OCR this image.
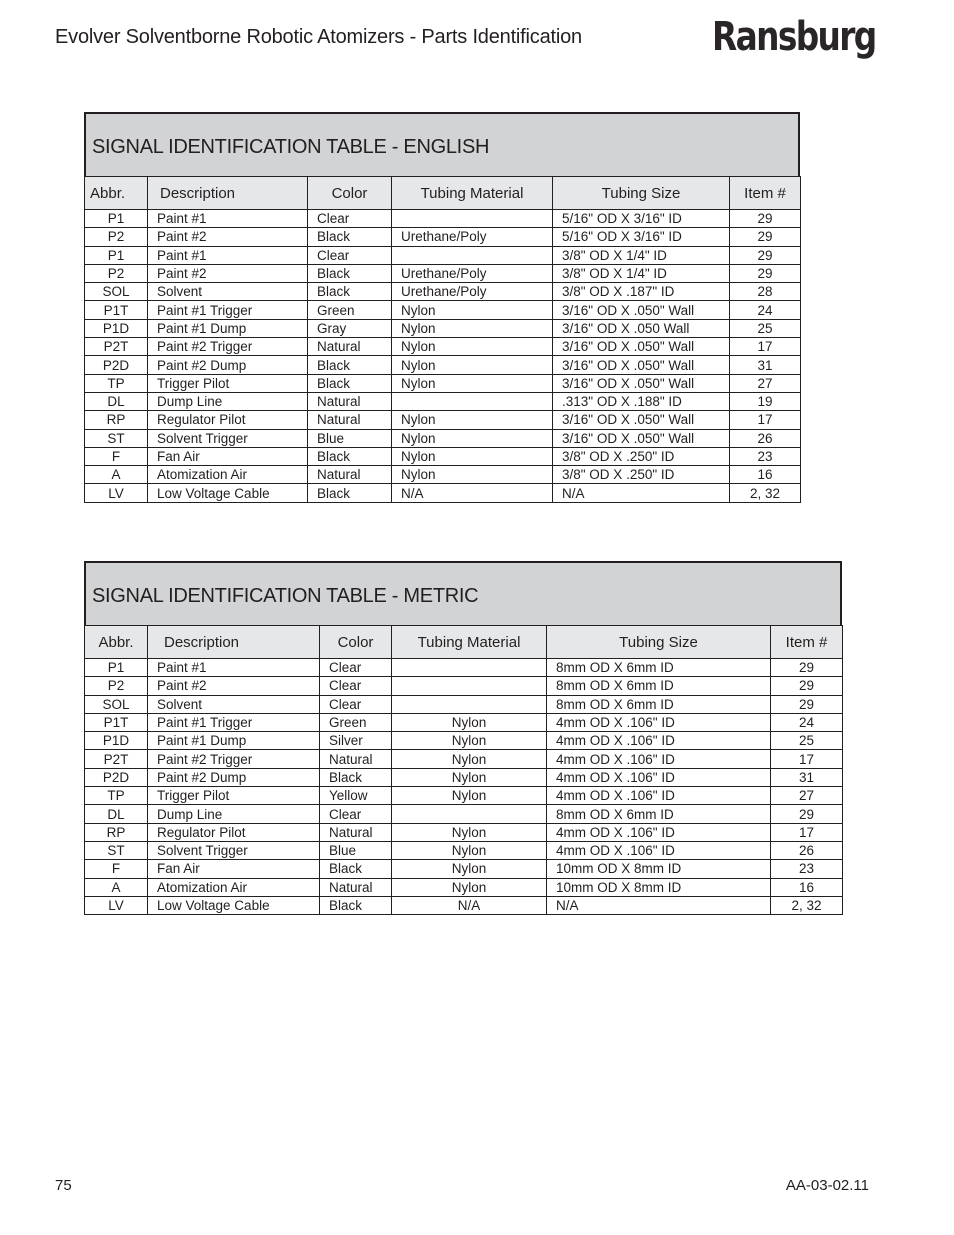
Evolver Solventborne Robotic Atomizers - Parts Identification	Ransburg
SIGNAL IDENTIFICATION TABLE - ENGLISH
Abbr.	Description	Color	Tubing Material	Tubing Size	Item #
P1	Paint #1	Clear		5/16" OD X 3/16" ID	29
P2	Paint #2	Black	Urethane/Poly	5/16" OD X 3/16" ID	29
P1	Paint #1	Clear		3/8" OD X 1/4" ID	29
P2	Paint #2	Black	Urethane/Poly	3/8" OD X 1/4" ID	29
SOL	Solvent	Black	Urethane/Poly	3/8" OD X .187" ID	28
P1T	Paint #1 Trigger	Green	Nylon	3/16" OD X .050" Wall	24
P1D	Paint #1 Dump	Gray	Nylon	3/16" OD X .050 Wall	25
P2T	Paint #2 Trigger	Natural	Nylon	3/16" OD X .050" Wall	17
P2D	Paint #2 Dump	Black	Nylon	3/16" OD X .050" Wall	31
TP	Trigger Pilot	Black	Nylon	3/16" OD X .050" Wall	27
DL	Dump Line	Natural		.313" OD X .188" ID	19
RP	Regulator Pilot	Natural	Nylon	3/16" OD X .050" Wall	17
ST	Solvent Trigger	Blue	Nylon	3/16" OD X .050" Wall	26
F	Fan Air	Black	Nylon	3/8" OD X .250" ID	23
A	Atomization Air	Natural	Nylon	3/8" OD X .250" ID	16
LV	Low Voltage Cable	Black	N/A	N/A	2, 32
SIGNAL IDENTIFICATION TABLE - METRIC
Abbr.	Description	Color	Tubing Material	Tubing Size	Item #
P1	Paint #1	Clear		8mm OD X 6mm ID	29
P2	Paint #2	Clear		8mm OD X 6mm ID	29
SOL	Solvent	Clear		8mm OD X 6mm ID	29
P1T	Paint #1 Trigger	Green	Nylon	4mm OD X .106" ID	24
P1D	Paint #1 Dump	Silver	Nylon	4mm OD X .106" ID	25
P2T	Paint #2 Trigger	Natural	Nylon	4mm OD X .106" ID	17
P2D	Paint #2 Dump	Black	Nylon	4mm OD X .106" ID	31
TP	Trigger Pilot	Yellow	Nylon	4mm OD X .106" ID	27
DL	Dump Line	Clear		8mm OD X 6mm ID	29
RP	Regulator Pilot	Natural	Nylon	4mm OD X .106" ID	17
ST	Solvent Trigger	Blue	Nylon	4mm OD X .106" ID	26
F	Fan Air	Black	Nylon	10mm OD X 8mm ID	23
A	Atomization Air	Natural	Nylon	10mm OD X 8mm ID	16
LV	Low Voltage Cable	Black	N/A	N/A	2, 32
75	AA-03-02.11
